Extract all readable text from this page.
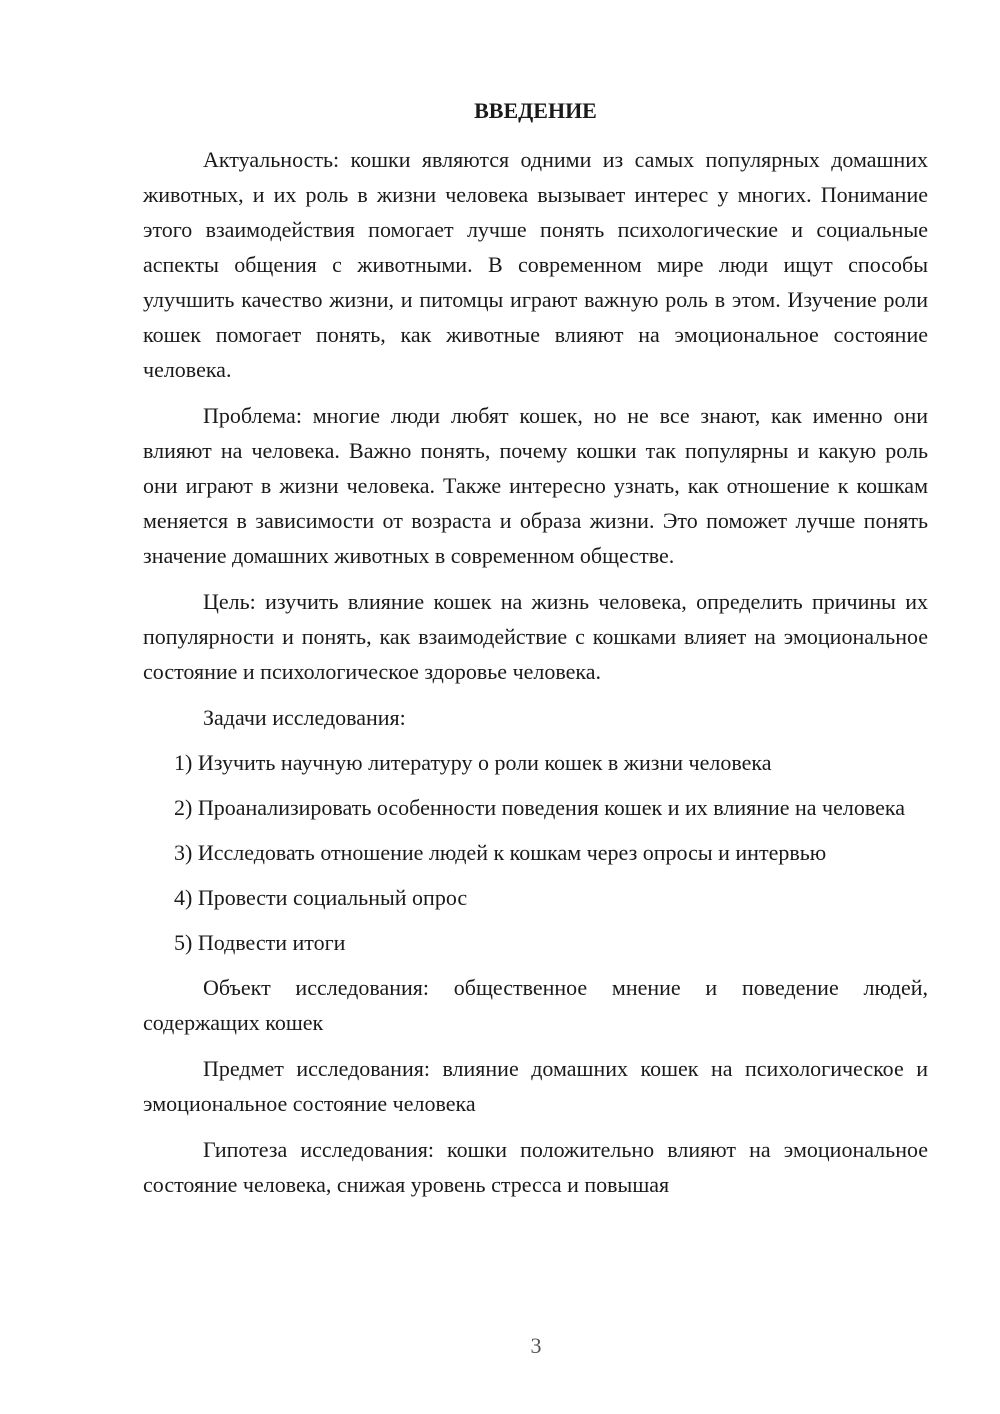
ВВЕДЕНИЕ

Актуальность: кошки являются одними из самых популярных домашних животных, и их роль в жизни человека вызывает интерес у многих. Понимание этого взаимодействия помогает лучше понять психологические и социальные аспекты общения с животными. В современном мире люди ищут способы улучшить качество жизни, и питомцы играют важную роль в этом. Изучение роли кошек помогает понять, как животные влияют на эмоциональное состояние человека.

Проблема: многие люди любят кошек, но не все знают, как именно они влияют на человека. Важно понять, почему кошки так популярны и какую роль они играют в жизни человека. Также интересно узнать, как отношение к кошкам меняется в зависимости от возраста и образа жизни. Это поможет лучше понять значение домашних животных в современном обществе.

Цель: изучить влияние кошек на жизнь человека, определить причины их популярности и понять, как взаимодействие с кошками влияет на эмоциональное состояние и психологическое здоровье человека.

Задачи исследования:

1) Изучить научную литературу о роли кошек в жизни человека

2) Проанализировать особенности поведения кошек и их влияние на человека

3) Исследовать отношение людей к кошкам через опросы и интервью

4) Провести социальный опрос

5) Подвести итоги

Объект исследования: общественное мнение и поведение людей, содержащих кошек

Предмет исследования: влияние домашних кошек на психологическое и эмоциональное состояние человека

Гипотеза исследования: кошки положительно влияют на эмоциональное состояние человека, снижая уровень стресса и повышая

3
